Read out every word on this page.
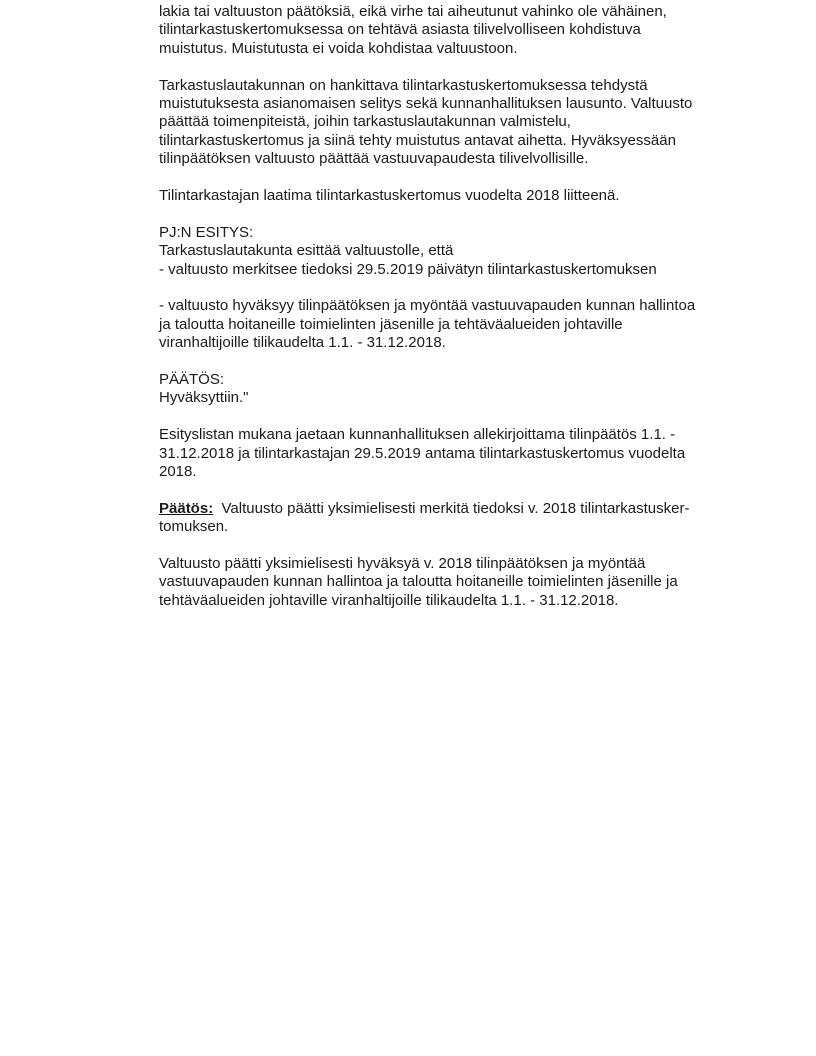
lakia tai valtuuston päätöksiä, eikä virhe tai aiheutunut vahinko ole vähäinen,
tilintarkastuskertomuksessa on tehtävä asiasta tilivelvolliseen kohdistuva
muistutus. Muistutusta ei voida kohdistaa valtuustoon.
Tarkastuslautakunnan on hankittava tilintarkastuskertomuksessa tehdystä
muistutuksesta asianomaisen selitys sekä kunnanhallituksen lausunto. Valtuusto
päättää toimenpiteistä, joihin tarkastuslautakunnan valmistelu,
tilintarkastuskertomus ja siinä tehty muistutus antavat aihetta. Hyväksyessään
tilinpäätöksen valtuusto päättää vastuuvapaudesta tilivelvollisille.
Tilintarkastajan laatima tilintarkastuskertomus vuodelta 2018 liitteenä.
PJ:N ESITYS:
Tarkastuslautakunta esittää valtuustolle, että
- valtuusto merkitsee tiedoksi 29.5.2019 päivätyn tilintarkastuskertomuksen
- valtuusto hyväksyy tilinpäätöksen ja myöntää vastuuvapauden kunnan hallintoa
ja taloutta hoitaneille toimielinten jäsenille ja tehtäväalueiden johtaville
viranhaltijoille tilikaudelta 1.1. - 31.12.2018.
PÄÄTÖS:
Hyväksyttiin."
Esityslistan mukana jaetaan kunnanhallituksen allekirjoittama tilinpäätös 1.1. -
31.12.2018 ja tilintarkastajan 29.5.2019 antama tilintarkastuskertomus vuodelta
2018.
Päätös:  Valtuusto päätti yksimielisesti merkitä tiedoksi v. 2018 tilintarkastusker-
tomuksen.
Valtuusto päätti yksimielisesti hyväksyä v. 2018 tilinpäätöksen ja myöntää
vastuuvapauden kunnan hallintoa ja taloutta hoitaneille toimielinten jäsenille ja
tehtäväalueiden johtaville viranhaltijoille tilikaudelta 1.1. - 31.12.2018.
